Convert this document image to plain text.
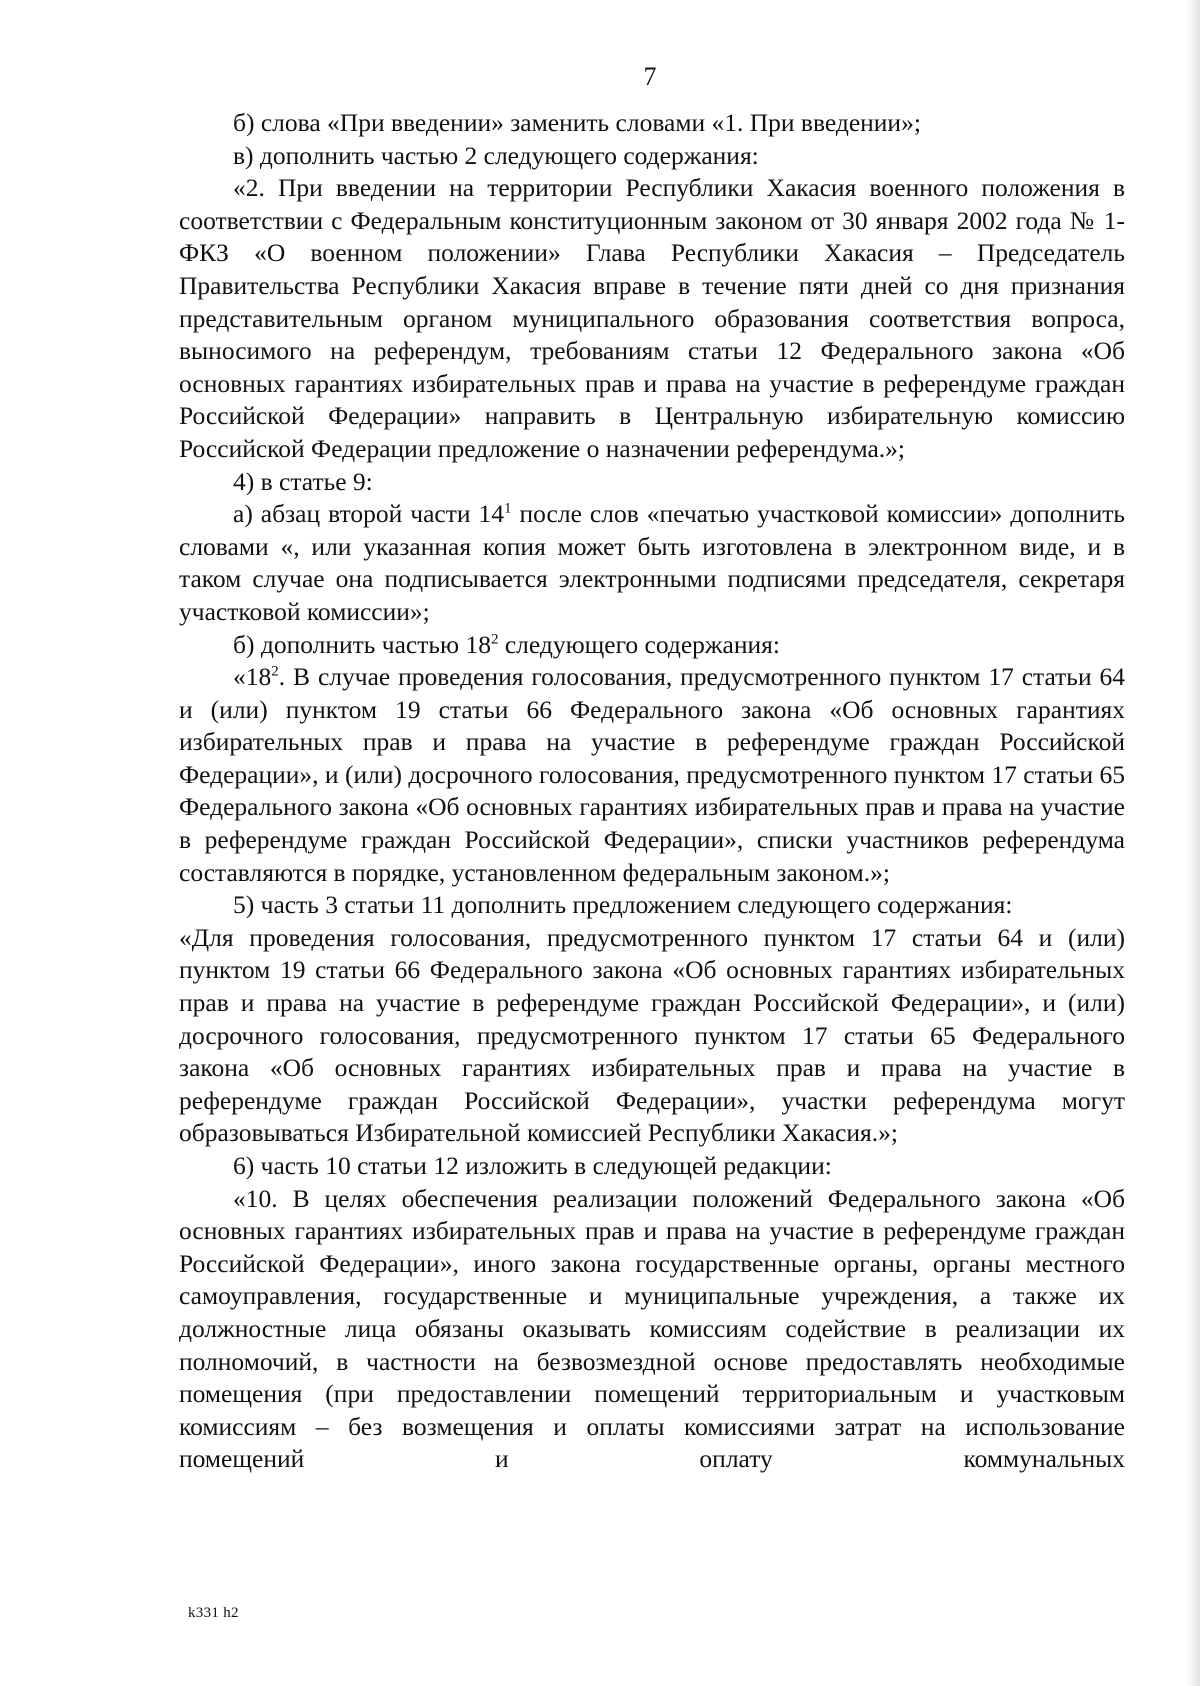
7

б) слова «При введении» заменить словами «1. При введении»;

в) дополнить частью 2 следующего содержания:

«2. При введении на территории Республики Хакасия военного положения в соответствии с Федеральным конституционным законом от 30 января 2002 года № 1-ФКЗ «О военном положении» Глава Республики Хакасия – Председатель Правительства Республики Хакасия вправе в течение пяти дней со дня признания представительным органом муниципального образования соответствия вопроса, выносимого на референдум, требованиям статьи 12 Федерального закона «Об основных гарантиях избирательных прав и права на участие в референдуме граждан Российской Федерации» направить в Центральную избирательную комиссию Российской Федерации предложение о назначении референдума.»;

4) в статье 9:

а) абзац второй части $14^1$ после слов «печатью участковой комиссии» дополнить словами «, или указанная копия может быть изготовлена в электронном виде, и в таком случае она подписывается электронными подписями председателя, секретаря участковой комиссии»;

б) дополнить частью $18^2$ следующего содержания:

«$18^2$. В случае проведения голосования, предусмотренного пунктом 17 статьи 64 и (или) пунктом 19 статьи 66 Федерального закона «Об основных гарантиях избирательных прав и права на участие в референдуме граждан Российской Федерации», и (или) досрочного голосования, предусмотренного пунктом 17 статьи 65 Федерального закона «Об основных гарантиях избирательных прав и права на участие в референдуме граждан Российской Федерации», списки участников референдума составляются в порядке, установленном федеральным законом.»;

5) часть 3 статьи 11 дополнить предложением следующего содержания:

«Для проведения голосования, предусмотренного пунктом 17 статьи 64 и (или) пунктом 19 статьи 66 Федерального закона «Об основных гарантиях избирательных прав и права на участие в референдуме граждан Российской Федерации», и (или) досрочного голосования, предусмотренного пунктом 17 статьи 65 Федерального закона «Об основных гарантиях избирательных прав и права на участие в референдуме граждан Российской Федерации», участки референдума могут образовываться Избирательной комиссией Республики Хакасия.»;

6) часть 10 статьи 12 изложить в следующей редакции:

«10. В целях обеспечения реализации положений Федерального закона «Об основных гарантиях избирательных прав и права на участие в референдуме граждан Российской Федерации», иного закона государственные органы, органы местного самоуправления, государственные и муниципальные учреждения, а также их должностные лица обязаны оказывать комиссиям содействие в реализации их полномочий, в частности на безвозмездной основе предоставлять необходимые помещения (при предоставлении помещений территориальным и участковым комиссиям – без возмещения и оплаты комиссиями затрат на использование помещений и оплату коммунальных

k331 h2
